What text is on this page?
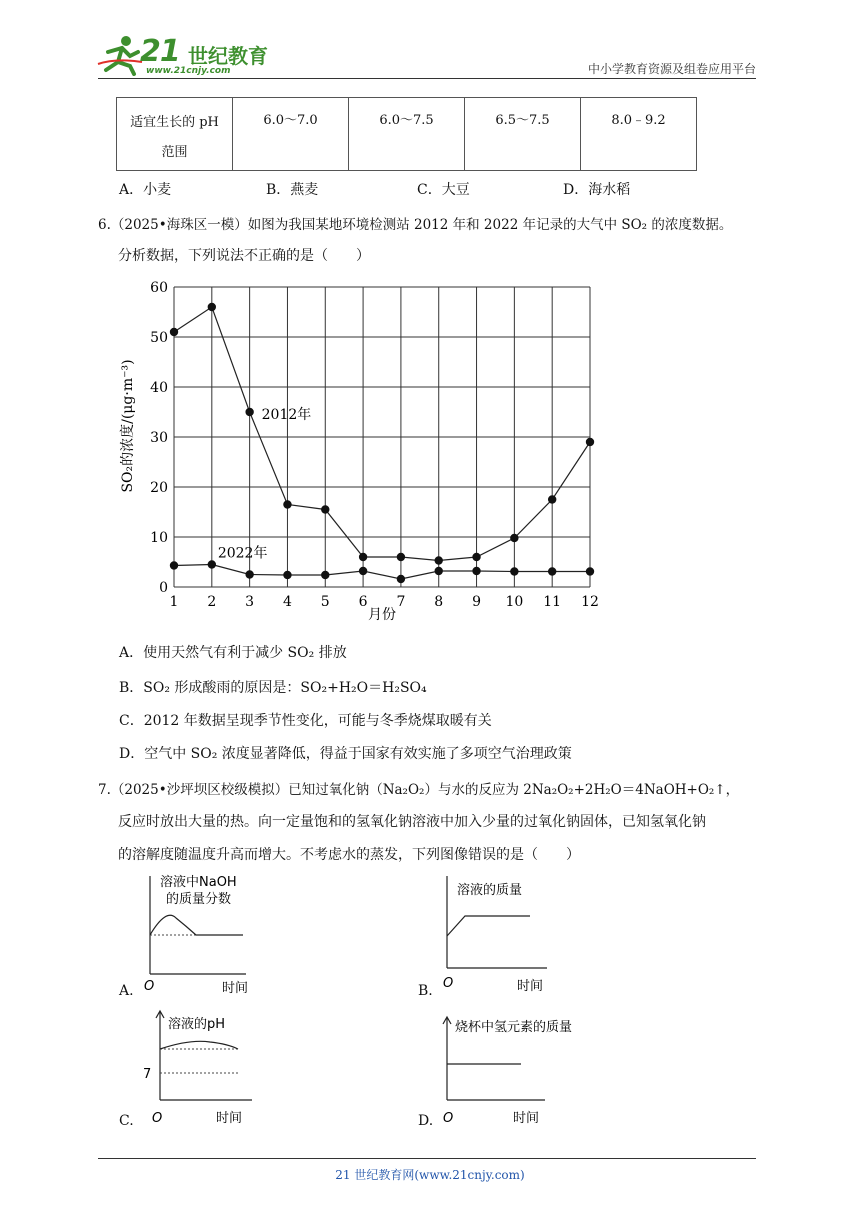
21 世纪教育
www.21cnjy.com	中小学教育资源及组卷应用平台
适宜生长的 pH
范围

6.0～7.0	6.0～7.5	6.5～7.5	8.0﹣9.2
A．小麦	B．燕麦	C．大豆	D．海水稻
6.（2025•海珠区一模）如图为我国某地环境检测站 2012 年和 2022 年记录的大气中 SO₂ 的浓度数据。
分析数据，下列说法不正确的是（　　）
0
10
20
30
40
50
60
1 2 3 4 5 6 7 8 9 10 11 12
2012年
2022年
SO₂的浓度/(μg·m⁻³)
月份
A．使用天然气有利于减少 SO₂ 排放
B．SO₂ 形成酸雨的原因是：SO₂+H₂O＝H₂SO₄
C．2012 年数据呈现季节性变化，可能与冬季烧煤取暖有关
D．空气中 SO₂ 浓度显著降低，得益于国家有效实施了多项空气治理政策
7.（2025•沙坪坝区校级模拟）已知过氧化钠（Na₂O₂）与水的反应为 2Na₂O₂+2H₂O＝4NaOH+O₂↑，
反应时放出大量的热。向一定量饱和的氢氧化钠溶液中加入少量的过氧化钠固体，已知氢氧化钠
的溶解度随温度升高而增大。不考虑水的蒸发，下列图像错误的是（　　）
A.
溶液中NaOH
的质量分数
O	时间	B.
溶液的质量
O	时间
C.
溶液的pH
7
O	时间	D.
烧杯中氢元素的质量
O	时间
21 世纪教育网(www.21cnjy.com)
